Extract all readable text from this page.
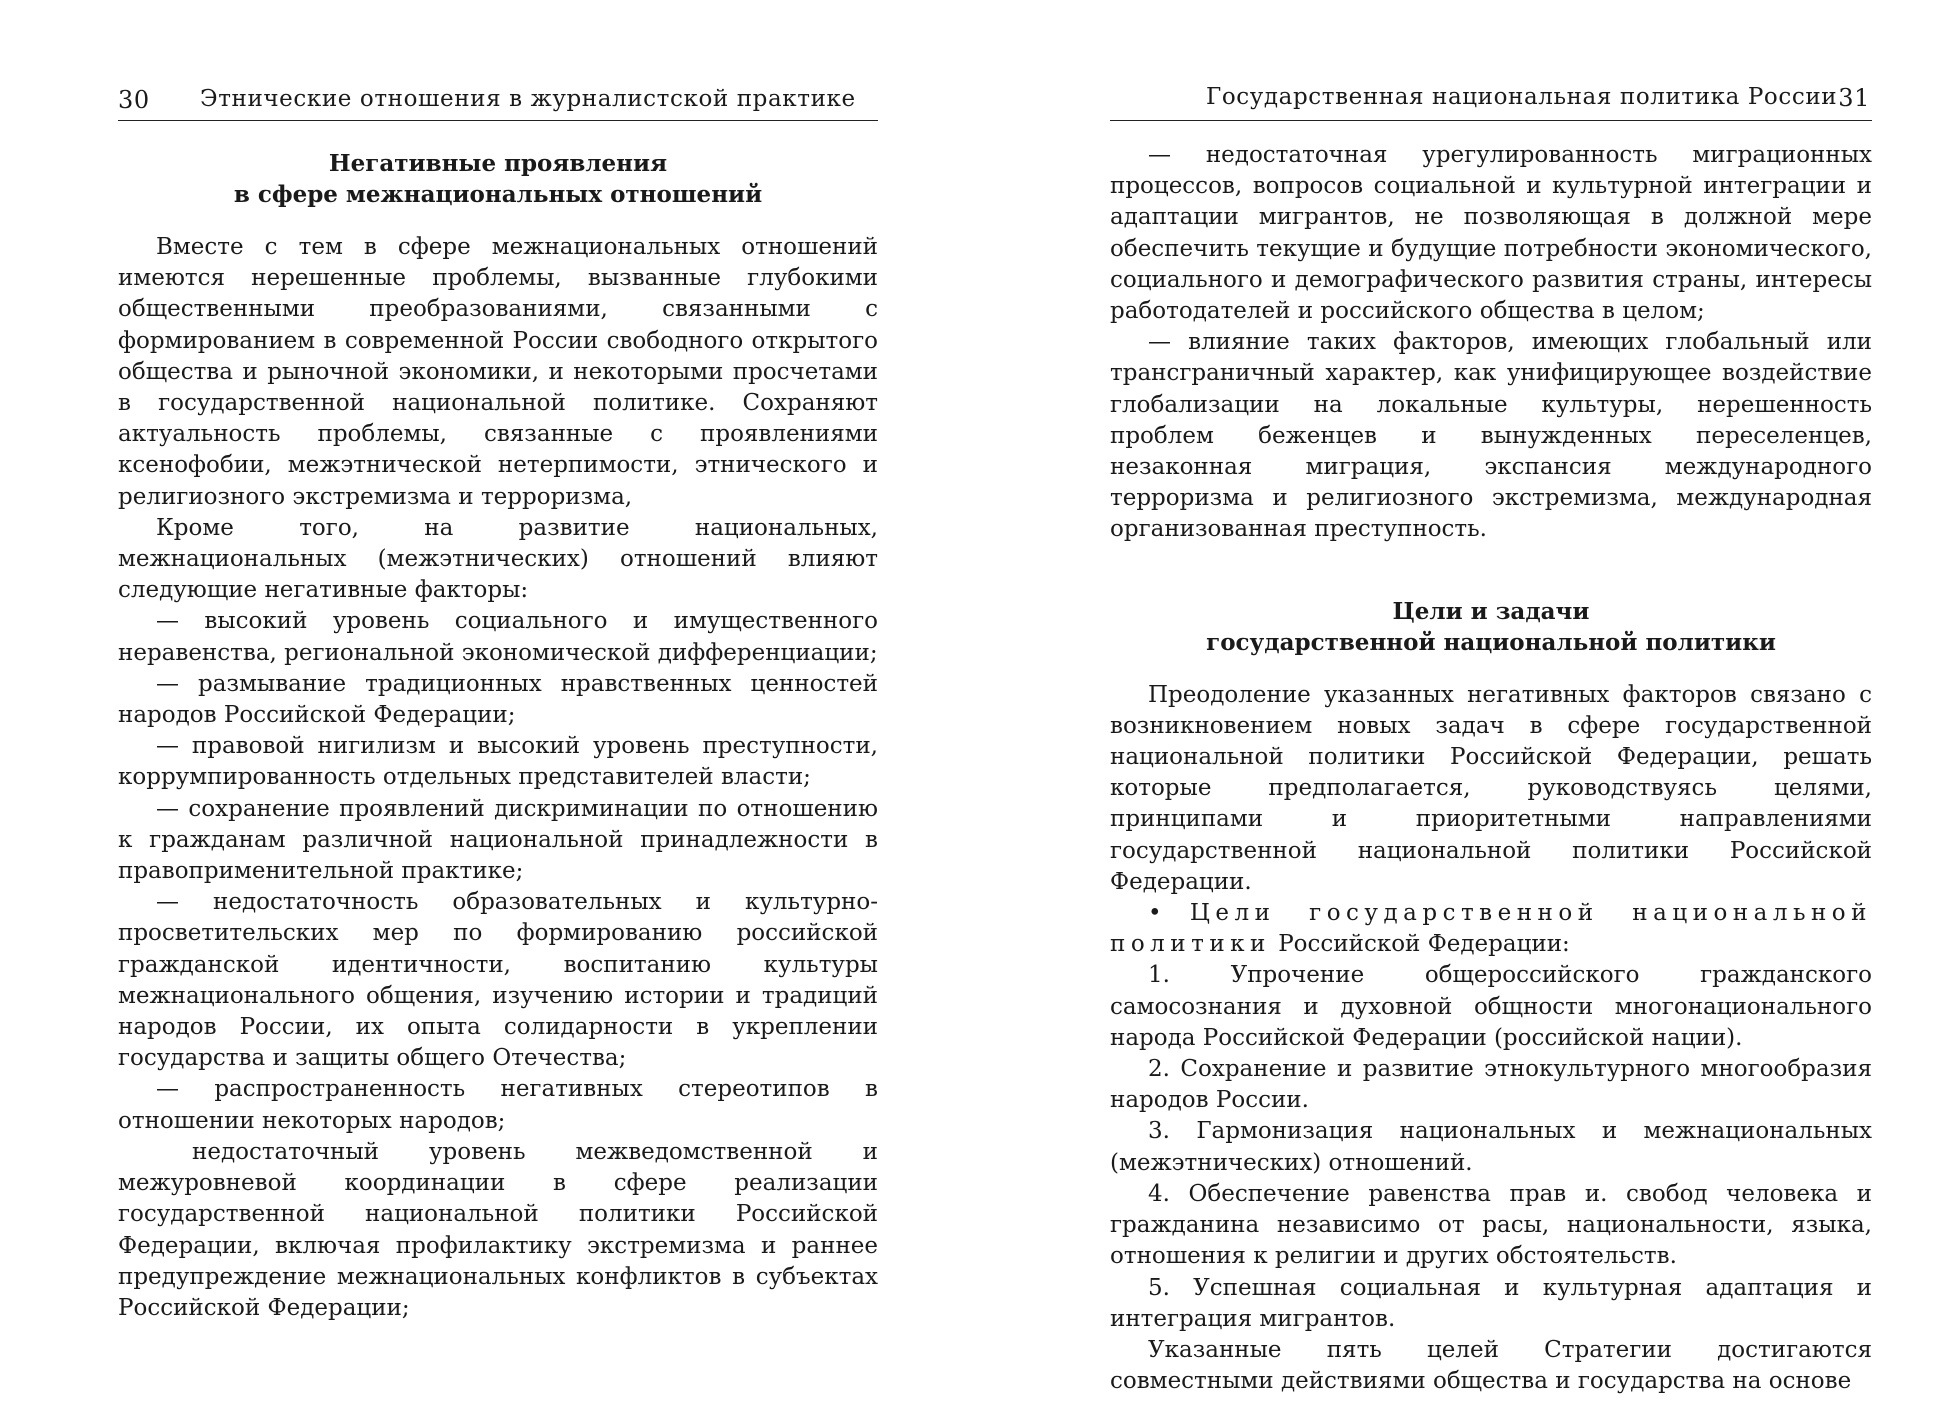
30 Этнические отношения в журналистской практике
Негативные проявления
в сфере межнациональных отношений

Вместе с тем в сфере межнациональных отношений имеются нерешенные проблемы, вызванные глубокими общественными преобразованиями, связанными с формированием в современной России свободного открытого общества и рыночной экономики, и некоторыми просчетами в государственной национальной политике. Сохраняют актуальность проблемы, связанные с проявлениями ксенофобии, межэтнической нетерпимости, этнического и религиозного экстремизма и терроризма,

Кроме того, на развитие национальных, межнациональных (межэтнических) отношений влияют следующие негативные факторы:

— высокий уровень социального и имущественного неравенства, региональной экономической дифференциации;

— размывание традиционных нравственных ценностей народов Российской Федерации;

— правовой нигилизм и высокий уровень преступности, коррумпированность отдельных представителей власти;

— сохранение проявлений дискриминации по отношению к гражданам различной национальной принадлежности в правоприменительной практике;

— недостаточность образовательных и культурно-просветительских мер по формированию российской гражданской идентичности, воспитанию культуры межнационального общения, изучению истории и традиций народов России, их опыта солидарности в укреплении государства и защиты общего Отечества;

— распространенность негативных стереотипов в отношении некоторых народов;

недостаточный уровень межведомственной и межуровневой координации в сфере реализации государственной национальной политики Российской Федерации, включая профилактику экстремизма и раннее предупреждение межнациональных конфликтов в субъектах Российской Федерации;

Государственная национальная политика России 31

— недостаточная урегулированность миграционных процессов, вопросов социальной и культурной интеграции и адаптации мигрантов, не позволяющая в должной мере обеспечить текущие и будущие потребности экономического, социального и демографического развития страны, интересы работодателей и российского общества в целом;

— влияние таких факторов, имеющих глобальный или трансграничный характер, как унифицирующее воздействие глобализации на локальные культуры, нерешенность проблем беженцев и вынужденных переселенцев, незаконная миграция, экспансия международного терроризма и религиозного экстремизма, международная организованная преступность.

Цели и задачи
государственной национальной политики

Преодоление указанных негативных факторов связано с возникновением новых задач в сфере государственной национальной политики Российской Федерации, решать которые предполагается, руководствуясь целями, принципами и приоритетными направлениями государственной национальной политики Российской Федерации.

• Цели государственной национальной политики Российской Федерации:

1. Упрочение общероссийского гражданского самосознания и духовной общности многонационального народа Российской Федерации (российской нации).

2. Сохранение и развитие этнокультурного многообразия народов России.

3. Гармонизация национальных и межнациональных (межэтнических) отношений.

4. Обеспечение равенства прав и. свобод человека и гражданина независимо от расы, национальности, языка, отношения к религии и других обстоятельств.

5. Успешная социальная и культурная адаптация и интеграция мигрантов.

Указанные пять целей Стратегии достигаются совместными действиями общества и государства на основе
